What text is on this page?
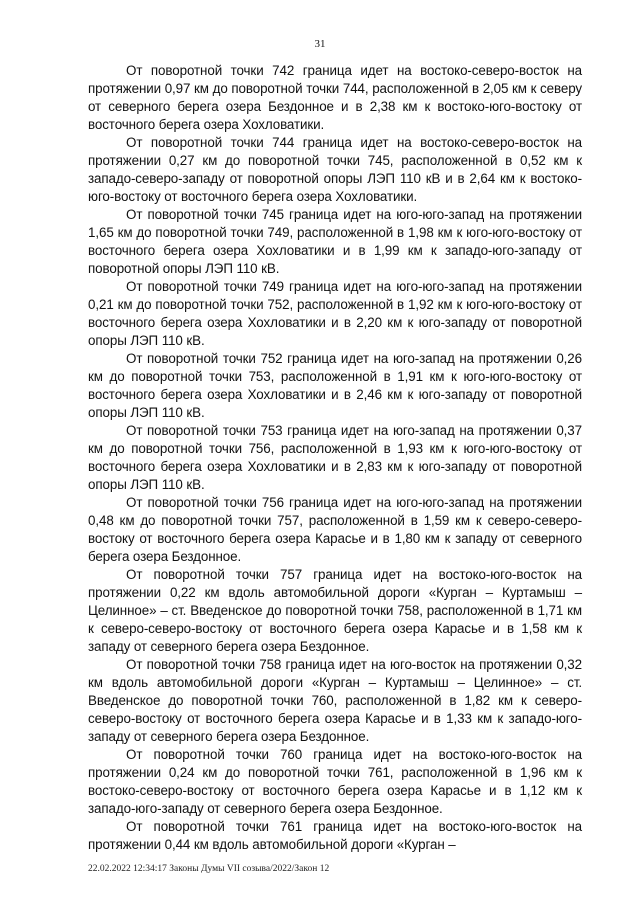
31

От поворотной точки 742 граница идет на востоко-северо-восток на протяжении 0,97 км до поворотной точки 744, расположенной в 2,05 км к северу от северного берега озера Бездонное и в 2,38 км к востоко-юго-востоку от восточного берега озера Хохловатики.

От поворотной точки 744 граница идет на востоко-северо-восток на протяжении 0,27 км до поворотной точки 745, расположенной в 0,52 км к западо-северо-западу от поворотной опоры ЛЭП 110 кВ и в 2,64 км к востоко-юго-востоку от восточного берега озера Хохловатики.

От поворотной точки 745 граница идет на юго-юго-запад на протяжении 1,65 км до поворотной точки 749, расположенной в 1,98 км к юго-юго-востоку от восточного берега озера Хохловатики и в 1,99 км к западо-юго-западу от поворотной опоры ЛЭП 110 кВ.

От поворотной точки 749 граница идет на юго-юго-запад на протяжении 0,21 км до поворотной точки 752, расположенной в 1,92 км к юго-юго-востоку от восточного берега озера Хохловатики и в 2,20 км к юго-западу от поворотной опоры ЛЭП 110 кВ.

От поворотной точки 752 граница идет на юго-запад на протяжении 0,26 км до поворотной точки 753, расположенной в 1,91 км к юго-юго-востоку от восточного берега озера Хохловатики и в 2,46 км к юго-западу от поворотной опоры ЛЭП 110 кВ.

От поворотной точки 753 граница идет на юго-запад на протяжении 0,37 км до поворотной точки 756, расположенной в 1,93 км к юго-юго-востоку от восточного берега озера Хохловатики и в 2,83 км к юго-западу от поворотной опоры ЛЭП 110 кВ.

От поворотной точки 756 граница идет на юго-юго-запад на протяжении 0,48 км до поворотной точки 757, расположенной в 1,59 км к северо-северо-востоку от восточного берега озера Карасье и в 1,80 км к западу от северного берега озера Бездонное.

От поворотной точки 757 граница идет на востоко-юго-восток на протяжении 0,22 км вдоль автомобильной дороги «Курган – Куртамыш – Целинное» – ст. Введенское до поворотной точки 758, расположенной в 1,71 км к северо-северо-востоку от восточного берега озера Карасье и в 1,58 км к западу от северного берега озера Бездонное.

От поворотной точки 758 граница идет на юго-восток на протяжении 0,32 км вдоль автомобильной дороги «Курган – Куртамыш – Целинное» – ст. Введенское до поворотной точки 760, расположенной в 1,82 км к северо-северо-востоку от восточного берега озера Карасье и в 1,33 км к западо-юго-западу от северного берега озера Бездонное.

От поворотной точки 760 граница идет на востоко-юго-восток на протяжении 0,24 км до поворотной точки 761, расположенной в 1,96 км к востоко-северо-востоку от восточного берега озера Карасье и в 1,12 км к западо-юго-западу от северного берега озера Бездонное.

От поворотной точки 761 граница идет на востоко-юго-восток на протяжении 0,44 км вдоль автомобильной дороги «Курган –

22.02.2022 12:34:17 Законы Думы VII созыва/2022/Закон 12
